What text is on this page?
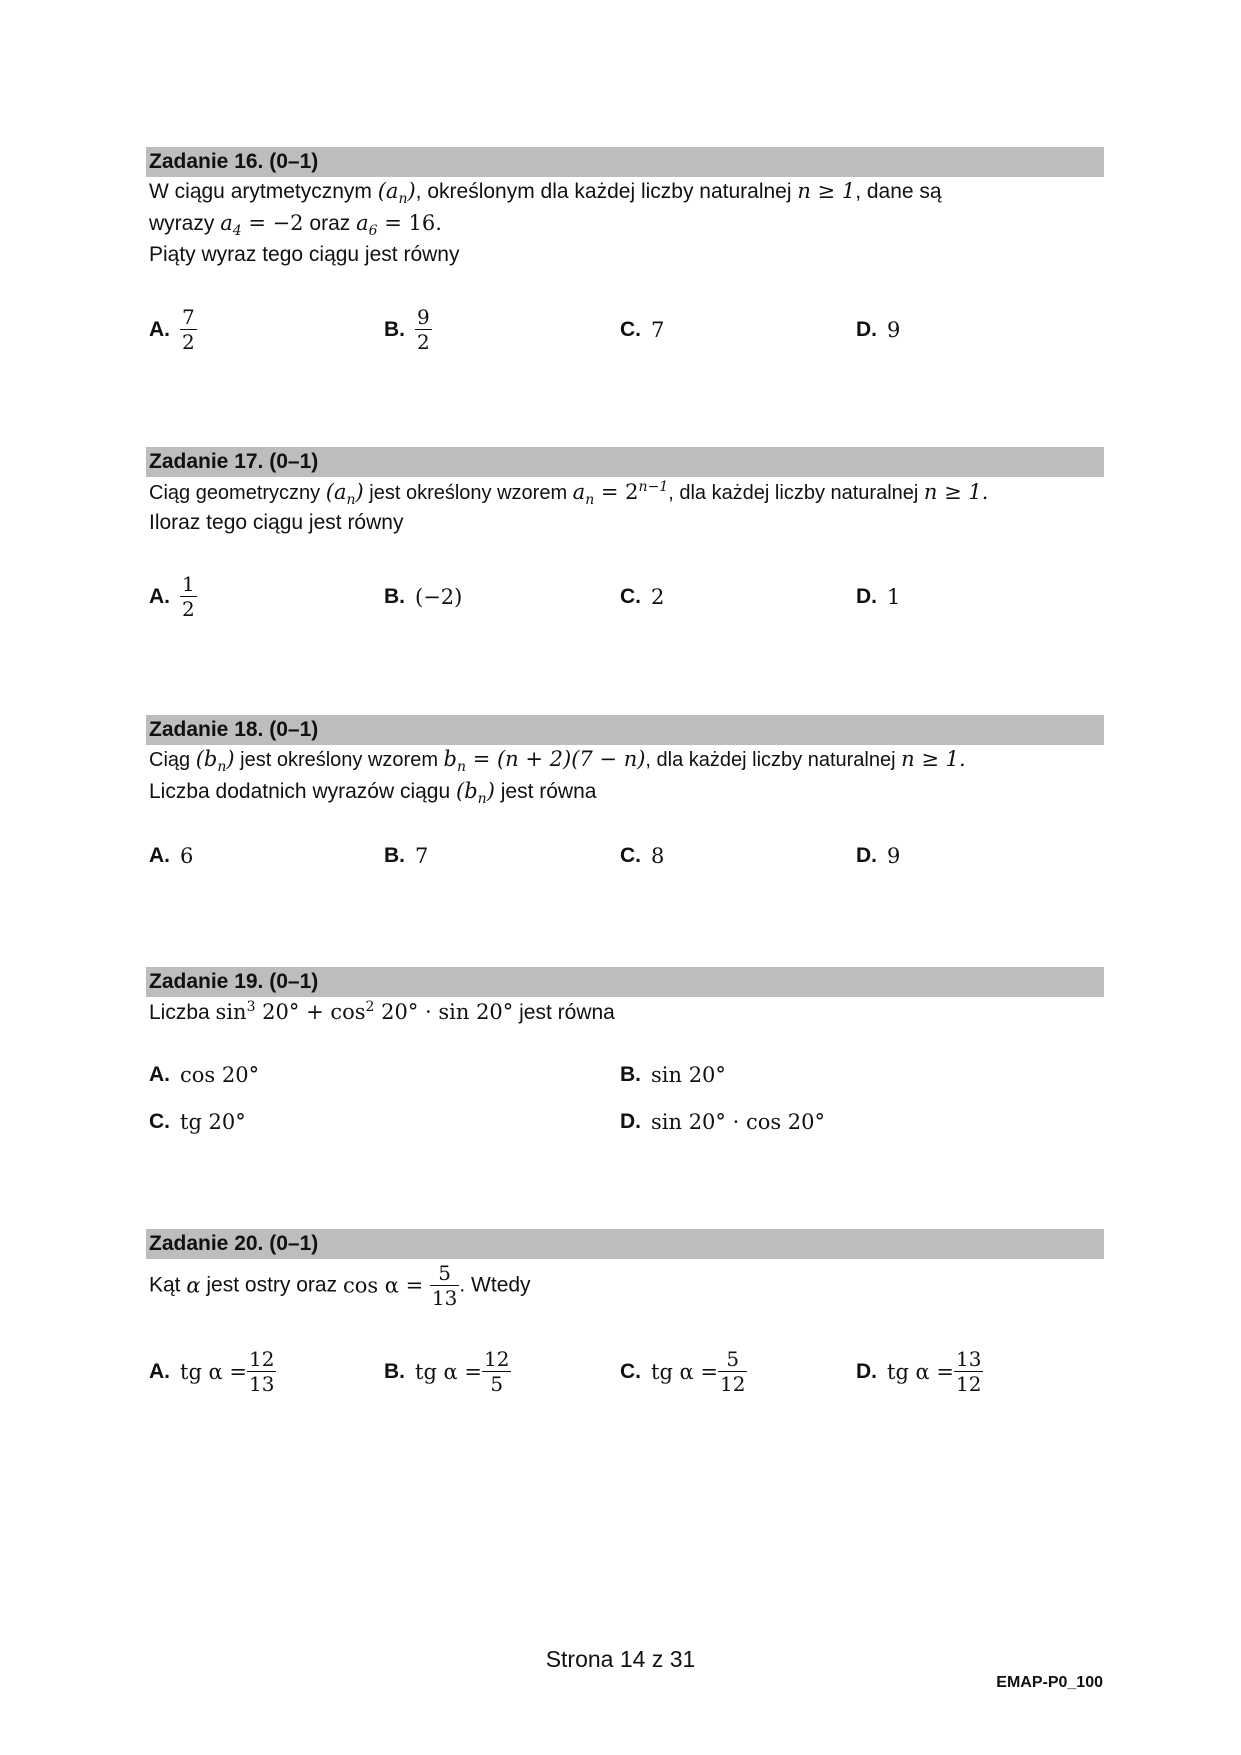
Zadanie 16. (0–1)
W ciągu arytmetycznym $(a_n)$, określonym dla każdej liczby naturalnej n ≥ 1, dane są
wyrazy $a_4 = -2$ oraz $a_6 = 16$.
Piąty wyraz tego ciągu jest równy
A. $\frac{7}{2}$	B. $\frac{9}{2}$	C. 7	D. 9
Zadanie 17. (0–1)
Ciąg geometryczny $(a_n)$ jest określony wzorem $a_n = 2^{n-1}$, dla każdej liczby naturalnej n ≥ 1.
Iloraz tego ciągu jest równy
A. $\frac{1}{2}$	B. (−2)	C. 2	D. 1
Zadanie 18. (0–1)
Ciąg $(b_n)$ jest określony wzorem $b_n = (n + 2)(7 - n)$, dla każdej liczby naturalnej n ≥ 1.
Liczba dodatnich wyrazów ciągu $(b_n)$ jest równa
A. 6	B. 7	C. 8	D. 9
Zadanie 19. (0–1)
Liczba $\sin^3 20^\circ + \cos^2 20^\circ \cdot \sin 20^\circ$ jest równa
A. cos 20°	B. sin 20°
C. tg 20°	D. sin 20° · cos 20°
Zadanie 20. (0–1)
Kąt α jest ostry oraz $\cos \alpha = \frac{5}{13}$ . Wtedy
A. tg $\alpha = \frac{12}{13}$	B. tg $\alpha = \frac{12}{5}$	C. tg $\alpha = \frac{5}{12}$	D. tg $\alpha = \frac{13}{12}$
Strona 14 z 31
EMAP-P0_100
